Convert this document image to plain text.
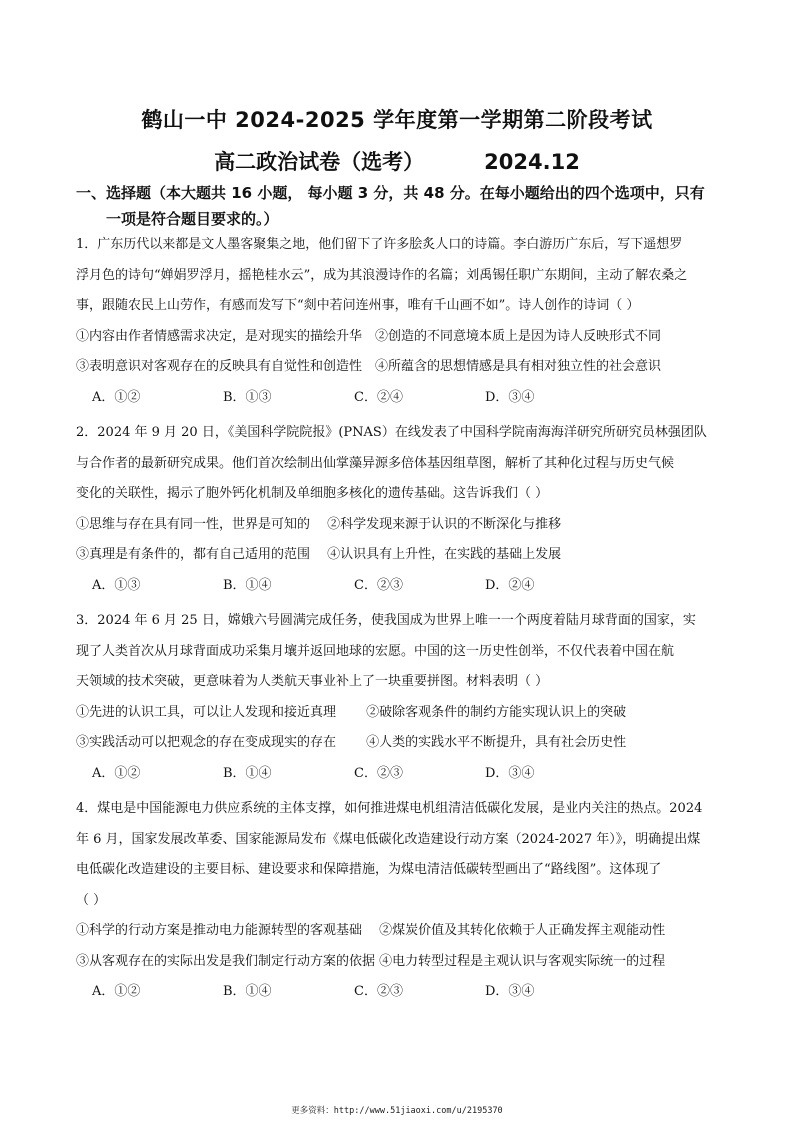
鹤山一中 2024-2025 学年度第一学期第二阶段考试
高二政治试卷（选考）	2024.12
一、选择题（本大题共 16 小题， 每小题 3 分，共 48 分。在每小题给出的四个选项中，只有
一项是符合题目要求的。）

1．广东历代以来都是文人墨客聚集之地，他们留下了许多脍炙人口的诗篇。李白游历广东后，写下遥想罗

浮月色的诗句“婵娟罗浮月，摇艳桂水云”，成为其浪漫诗作的名篇；刘禹锡任职广东期间，主动了解农桑之

事，跟随农民上山劳作，有感而发写下“剡中若问连州事，唯有千山画不如”。诗人创作的诗词（ ）

①内容由作者情感需求决定，是对现实的描绘升华　②创造的不同意境本质上是因为诗人反映形式不同

③表明意识对客观存在的反映具有自觉性和创造性　④所蕴含的思想情感是具有相对独立性的社会意识

A．①②	B．①③	C．②④	D．③④

2．2024 年 9 月 20 日，《美国科学院院报》(PNAS）在线发表了中国科学院南海海洋研究所研究员林强团队

与合作者的最新研究成果。他们首次绘制出仙掌藻异源多倍体基因组草图，解析了其种化过程与历史气候

变化的关联性，揭示了胞外钙化机制及单细胞多核化的遗传基础。这告诉我们（ ）

①思维与存在具有同一性，世界是可知的　 ②科学发现来源于认识的不断深化与推移

③真理是有条件的，都有自己适用的范围　 ④认识具有上升性，在实践的基础上发展

A．①③	B．①④	C．②③	D．②④

3．2024 年 6 月 25 日，嫦娥六号圆满完成任务，使我国成为世界上唯一一个两度着陆月球背面的国家，实

现了人类首次从月球背面成功采集月壤并返回地球的宏愿。中国的这一历史性创举，不仅代表着中国在航

天领域的技术突破，更意味着为人类航天事业补上了一块重要拼图。材料表明（ ）

①先进的认识工具，可以让人发现和接近真理　　 ②破除客观条件的制约方能实现认识上的突破

③实践活动可以把观念的存在变成现实的存在　　 ④人类的实践水平不断提升，具有社会历史性

A．①②	B．①④	C．②③	D．③④

4．煤电是中国能源电力供应系统的主体支撑，如何推进煤电机组清洁低碳化发展，是业内关注的热点。2024

年 6 月，国家发展改革委、国家能源局发布《煤电低碳化改造建设行动方案（2024-2027 年）》，明确提出煤

电低碳化改造建设的主要目标、建设要求和保障措施，为煤电清洁低碳转型画出了“路线图”。这体现了

（ ）

①科学的行动方案是推动电力能源转型的客观基础　 ②煤炭价值及其转化依赖于人正确发挥主观能动性

③从客观存在的实际出发是我们制定行动方案的依据 ④电力转型过程是主观认识与客观实际统一的过程

A．①②	B．①④	C．②③	D．③④
更多资料：http://www.51jiaoxi.com/u/2195370
